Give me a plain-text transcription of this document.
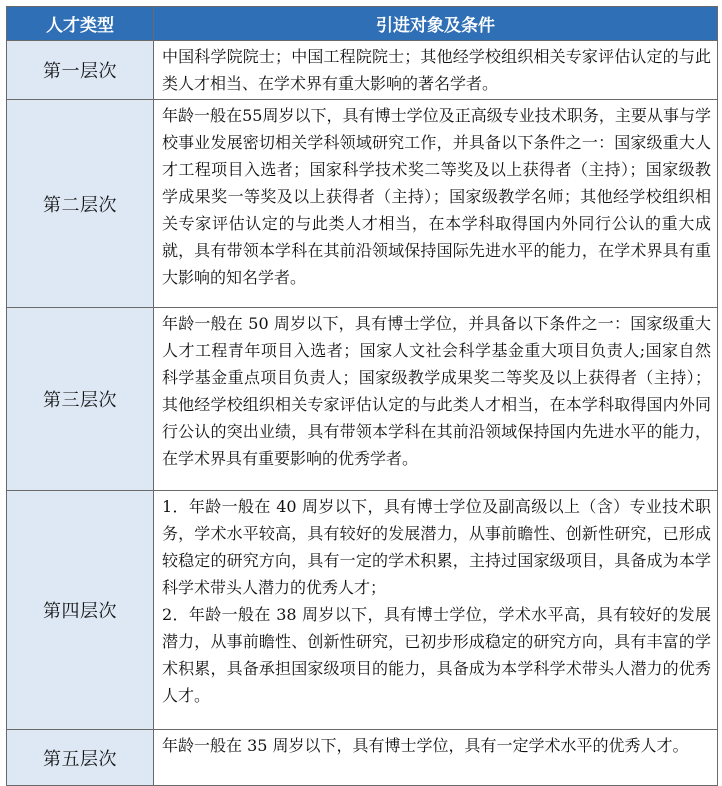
人才类型	引进对象及条件
第一层次	中国科学院院士；中国工程院院士；其他经学校组织相关专家评估认定的与此类人才相当、在学术界有重大影响的著名学者。

第二层次	年龄一般在55周岁以下，具有博士学位及正高级专业技术职务，主要从事与学校事业发展密切相关学科领域研究工作，并具备以下条件之一：国家级重大人才工程项目入选者；国家科学技术奖二等奖及以上获得者（主持）；国家级教学成果奖一等奖及以上获得者（主持）；国家级教学名师；其他经学校组织相关专家评估认定的与此类人才相当，在本学科取得国内外同行公认的重大成就，具有带领本学科在其前沿领域保持国际先进水平的能力，在学术界具有重大影响的知名学者。

第三层次	年龄一般在 50 周岁以下，具有博士学位，并具备以下条件之一：国家级重大人才工程青年项目入选者；国家人文社会科学基金重大项目负责人;国家自然科学基金重点项目负责人；国家级教学成果奖二等奖及以上获得者（主持）；其他经学校组织相关专家评估认定的与此类人才相当，在本学科取得国内外同行公认的突出业绩，具有带领本学科在其前沿领域保持国内先进水平的能力，在学术界具有重要影响的优秀学者。

第四层次	1．年龄一般在 40 周岁以下，具有博士学位及副高级以上（含）专业技术职务，学术水平较高，具有较好的发展潜力，从事前瞻性、创新性研究，已形成较稳定的研究方向，具有一定的学术积累，主持过国家级项目，具备成为本学科学术带头人潜力的优秀人才；
2．年龄一般在 38 周岁以下，具有博士学位，学术水平高，具有较好的发展潜力，从事前瞻性、创新性研究，已初步形成稳定的研究方向，具有丰富的学术积累，具备承担国家级项目的能力，具备成为本学科学术带头人潜力的优秀人才。

第五层次	年龄一般在 35 周岁以下，具有博士学位，具有一定学术水平的优秀人才。
